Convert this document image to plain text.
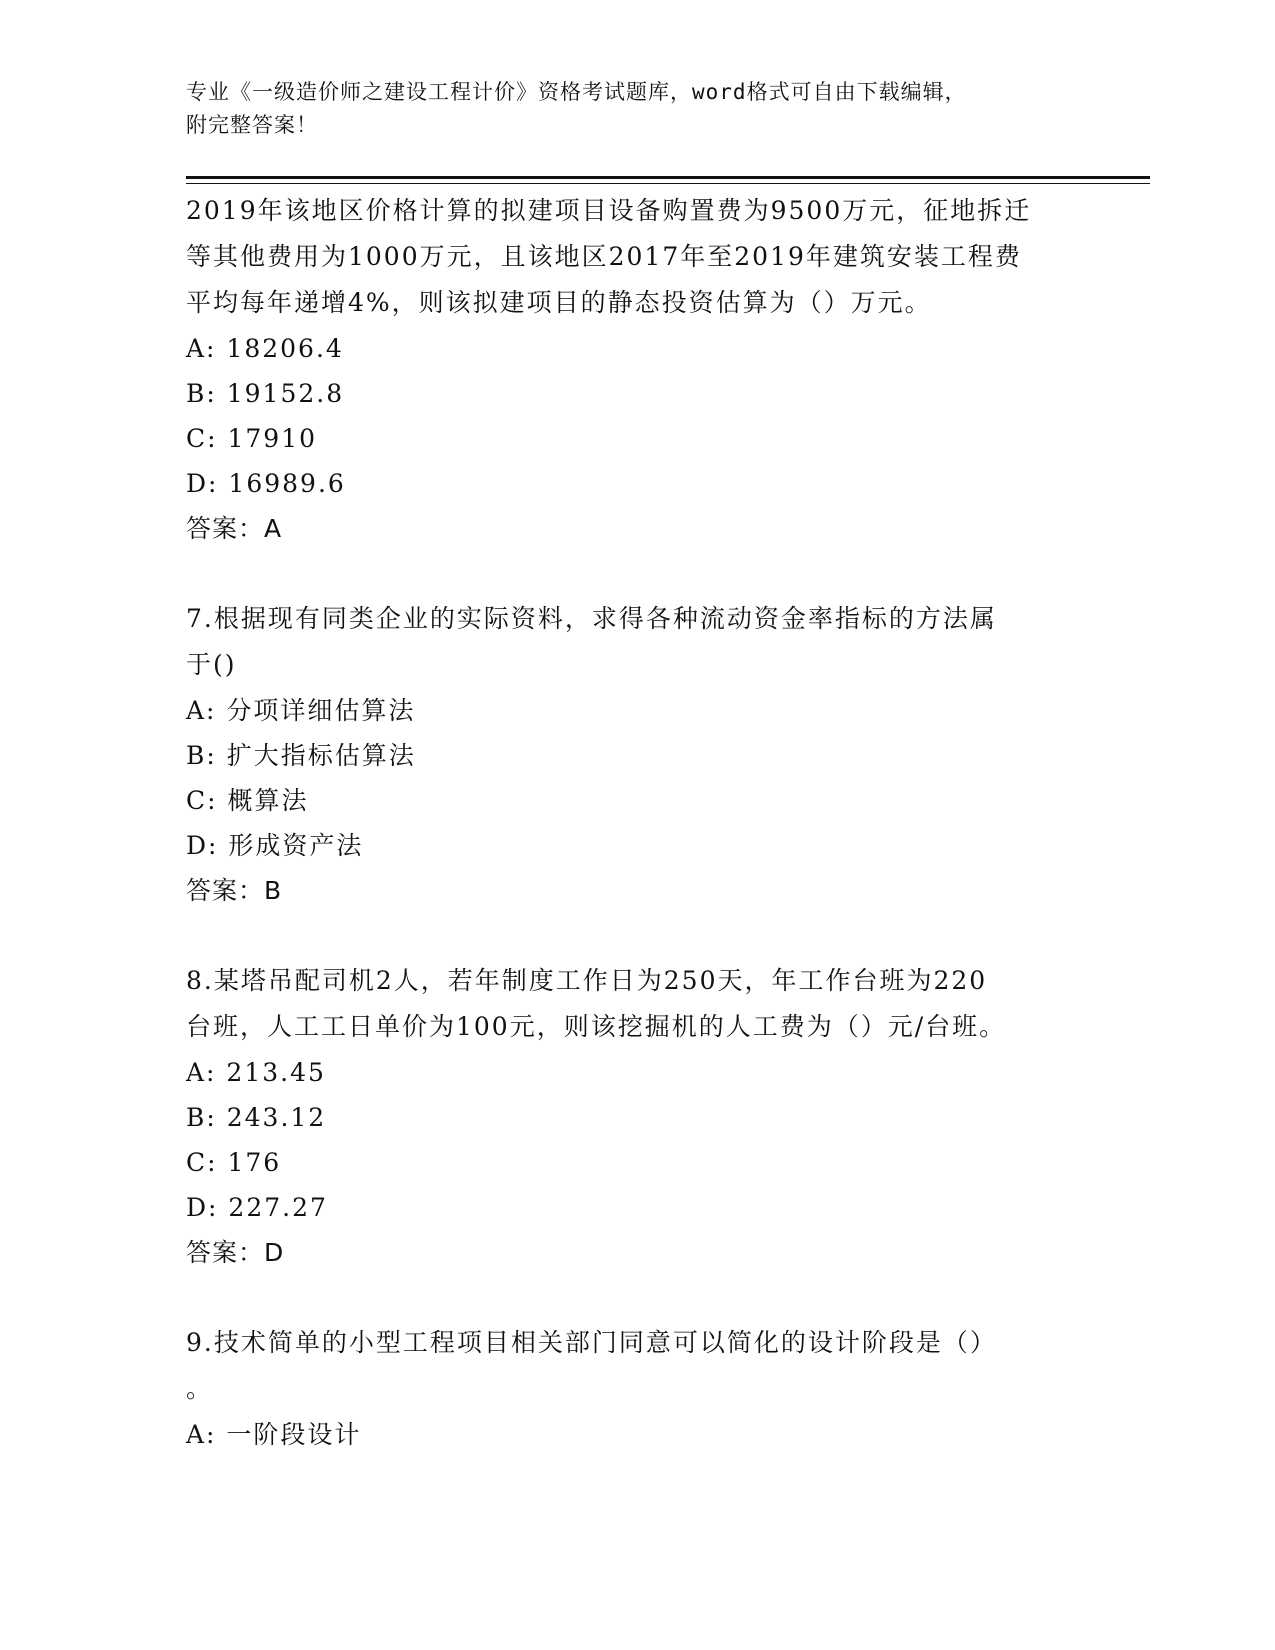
专业《一级造价师之建设工程计价》资格考试题库，word格式可自由下载编辑，
附完整答案！

2019年该地区价格计算的拟建项目设备购置费为9500万元，征地拆迁

等其他费用为1000万元，且该地区2017年至2019年建筑安装工程费

平均每年递增4%，则该拟建项目的静态投资估算为（）万元。

A: 18206.4

B: 19152.8

C: 17910

D: 16989.6

答案：A

7.根据现有同类企业的实际资料，求得各种流动资金率指标的方法属

于()

A: 分项详细估算法

B: 扩大指标估算法

C: 概算法

D: 形成资产法

答案：B

8.某塔吊配司机2人，若年制度工作日为250天，年工作台班为220

台班，人工工日单价为100元，则该挖掘机的人工费为（）元/台班。

A: 213.45

B: 243.12

C: 176

D: 227.27

答案：D

9.技术简单的小型工程项目相关部门同意可以简化的设计阶段是（）

。

A: 一阶段设计
